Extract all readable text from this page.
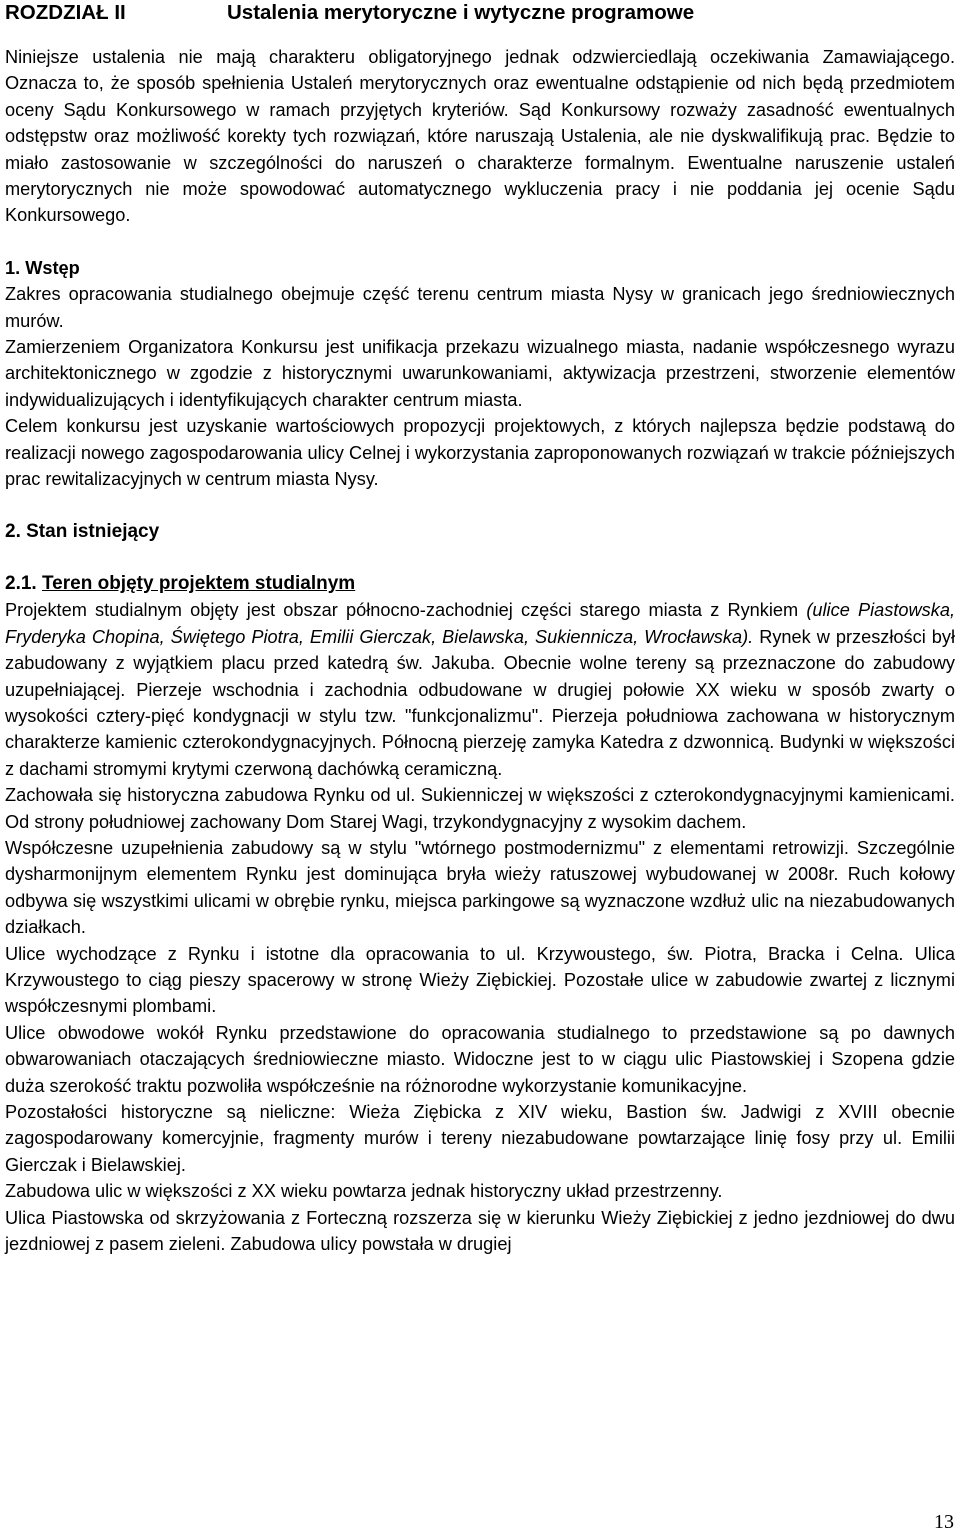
ROZDZIAŁ II	Ustalenia merytoryczne i wytyczne programowe

Niniejsze ustalenia nie mają charakteru obligatoryjnego jednak odzwierciedlają oczekiwania Zamawiającego. Oznacza to, że sposób spełnienia Ustaleń merytorycznych oraz ewentualne odstąpienie od nich będą przedmiotem oceny Sądu Konkursowego w ramach przyjętych kryteriów. Sąd Konkursowy rozważy zasadność ewentualnych odstępstw oraz możliwość korekty tych rozwiązań, które naruszają Ustalenia, ale nie dyskwalifikują prac. Będzie to miało zastosowanie w szczególności do naruszeń o charakterze formalnym. Ewentualne naruszenie ustaleń merytorycznych nie może spowodować automatycznego wykluczenia pracy i nie poddania jej ocenie Sądu Konkursowego.

1. Wstęp

Zakres opracowania studialnego obejmuje część terenu centrum miasta Nysy w granicach jego średniowiecznych murów.

Zamierzeniem Organizatora Konkursu jest unifikacja przekazu wizualnego miasta, nadanie współczesnego wyrazu architektonicznego w zgodzie z historycznymi uwarunkowaniami, aktywizacja przestrzeni, stworzenie elementów indywidualizujących i identyfikujących charakter centrum miasta.

Celem konkursu jest uzyskanie wartościowych propozycji projektowych, z których najlepsza będzie podstawą do realizacji nowego zagospodarowania ulicy Celnej i wykorzystania zaproponowanych rozwiązań w trakcie późniejszych prac rewitalizacyjnych w centrum miasta Nysy.

2. Stan istniejący
2.1. Teren objęty projektem studialnym

Projektem studialnym objęty jest obszar północno-zachodniej części starego miasta z Rynkiem (ulice Piastowska, Fryderyka Chopina, Świętego Piotra, Emilii Gierczak, Bielawska, Sukiennicza, Wrocławska). Rynek w przeszłości był zabudowany z wyjątkiem placu przed katedrą św. Jakuba. Obecnie wolne tereny są przeznaczone do zabudowy uzupełniającej. Pierzeje wschodnia i zachodnia odbudowane w drugiej połowie XX wieku w sposób zwarty o wysokości cztery-pięć kondygnacji w stylu tzw. "funkcjonalizmu". Pierzeja południowa zachowana w historycznym charakterze kamienic czterokondygnacyjnych. Północną pierzeję zamyka Katedra z dzwonnicą. Budynki w większości z dachami stromymi krytymi czerwoną dachówką ceramiczną.

Zachowała się historyczna zabudowa Rynku od ul. Sukienniczej w większości z czterokondygnacyjnymi kamienicami. Od strony południowej zachowany Dom Starej Wagi, trzykondygnacyjny z wysokim dachem.

Współczesne uzupełnienia zabudowy są w stylu "wtórnego postmodernizmu" z elementami retrowizji. Szczególnie dysharmonijnym elementem Rynku jest dominująca bryła wieży ratuszowej wybudowanej w 2008r. Ruch kołowy odbywa się wszystkimi ulicami w obrębie rynku, miejsca parkingowe są wyznaczone wzdłuż ulic na niezabudowanych działkach.

Ulice wychodzące z Rynku i istotne dla opracowania to ul. Krzywoustego, św. Piotra, Bracka i Celna. Ulica Krzywoustego to ciąg pieszy spacerowy w stronę Wieży Ziębickiej. Pozostałe ulice w zabudowie zwartej z licznymi współczesnymi plombami.

Ulice obwodowe wokół Rynku przedstawione do opracowania studialnego to przedstawione są po dawnych obwarowaniach otaczających średniowieczne miasto. Widoczne jest to w ciągu ulic Piastowskiej i Szopena gdzie duża szerokość traktu pozwoliła współcześnie na różnorodne wykorzystanie komunikacyjne.

Pozostałości historyczne są nieliczne: Wieża Ziębicka z XIV wieku, Bastion św. Jadwigi z XVIII obecnie zagospodarowany komercyjnie, fragmenty murów i tereny niezabudowane powtarzające linię fosy przy ul. Emilii Gierczak i Bielawskiej.

Zabudowa ulic w większości z XX wieku powtarza jednak historyczny układ przestrzenny.

Ulica Piastowska od skrzyżowania z Forteczną rozszerza się w kierunku Wieży Ziębickiej z jedno jezdniowej do dwu jezdniowej z pasem zieleni. Zabudowa ulicy powstała w drugiej

13
